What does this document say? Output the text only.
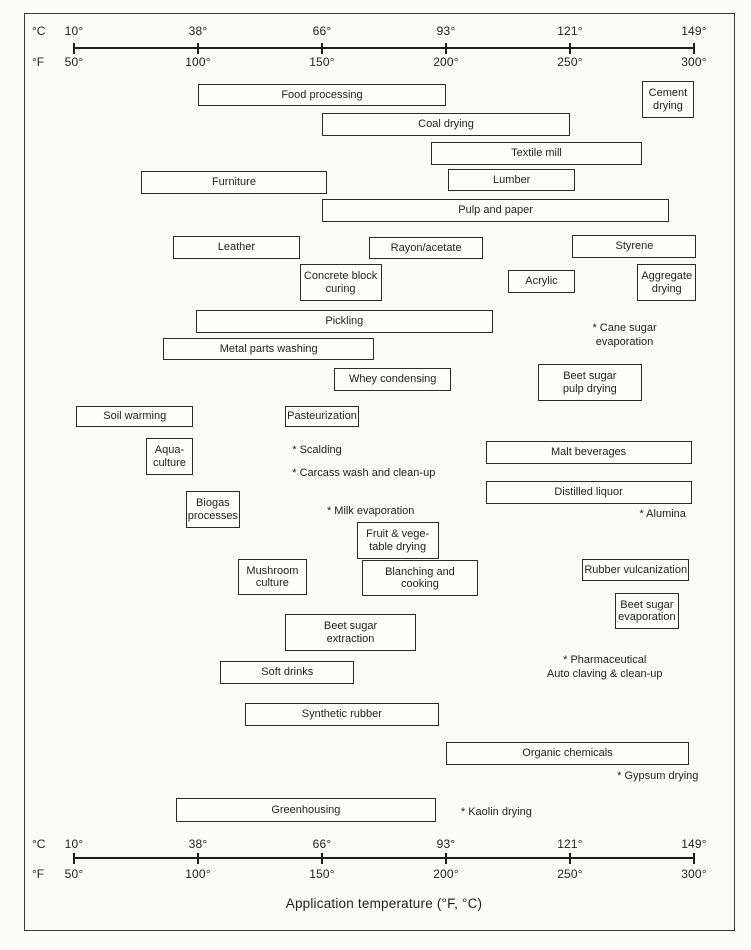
°C
°F
10°
50°
38°
100°
66°
150°
93°
200°
121°
250°
149°
300°
Food processing	Cement
drying
Coal drying
Textile mill
Furniture	Lumber
Pulp and paper
Leather	Rayon/acetate	Styrene
Concrete block
curing
Acrylic	Aggregate
drying
Pickling
Metal parts washing
Whey condensing	Beet sugar
pulp drying
Soil warming	Pasteurization
Aqua-
culture
Malt beverages
Distilled liquor
Biogas
processes
Fruit & vege-
table drying
Mushroom
culture
Blanching and
cooking
Rubber vulcanization
Beet sugar
evaporation
Beet sugar
extraction
Soft drinks
Synthetic rubber
Organic chemicals
Greenhousing
* Cane sugar
evaporation
* Scalding
* Carcass wash and clean-up
* Milk evaporation	* Alumina
* Pharmaceutical
Auto claving & clean-up
* Gypsum drying
* Kaolin drying
°C
°F
10°
50°
38°
100°
66°
150°
93°
200°
121°
250°
149°
300°
Application temperature (°F, °C)
